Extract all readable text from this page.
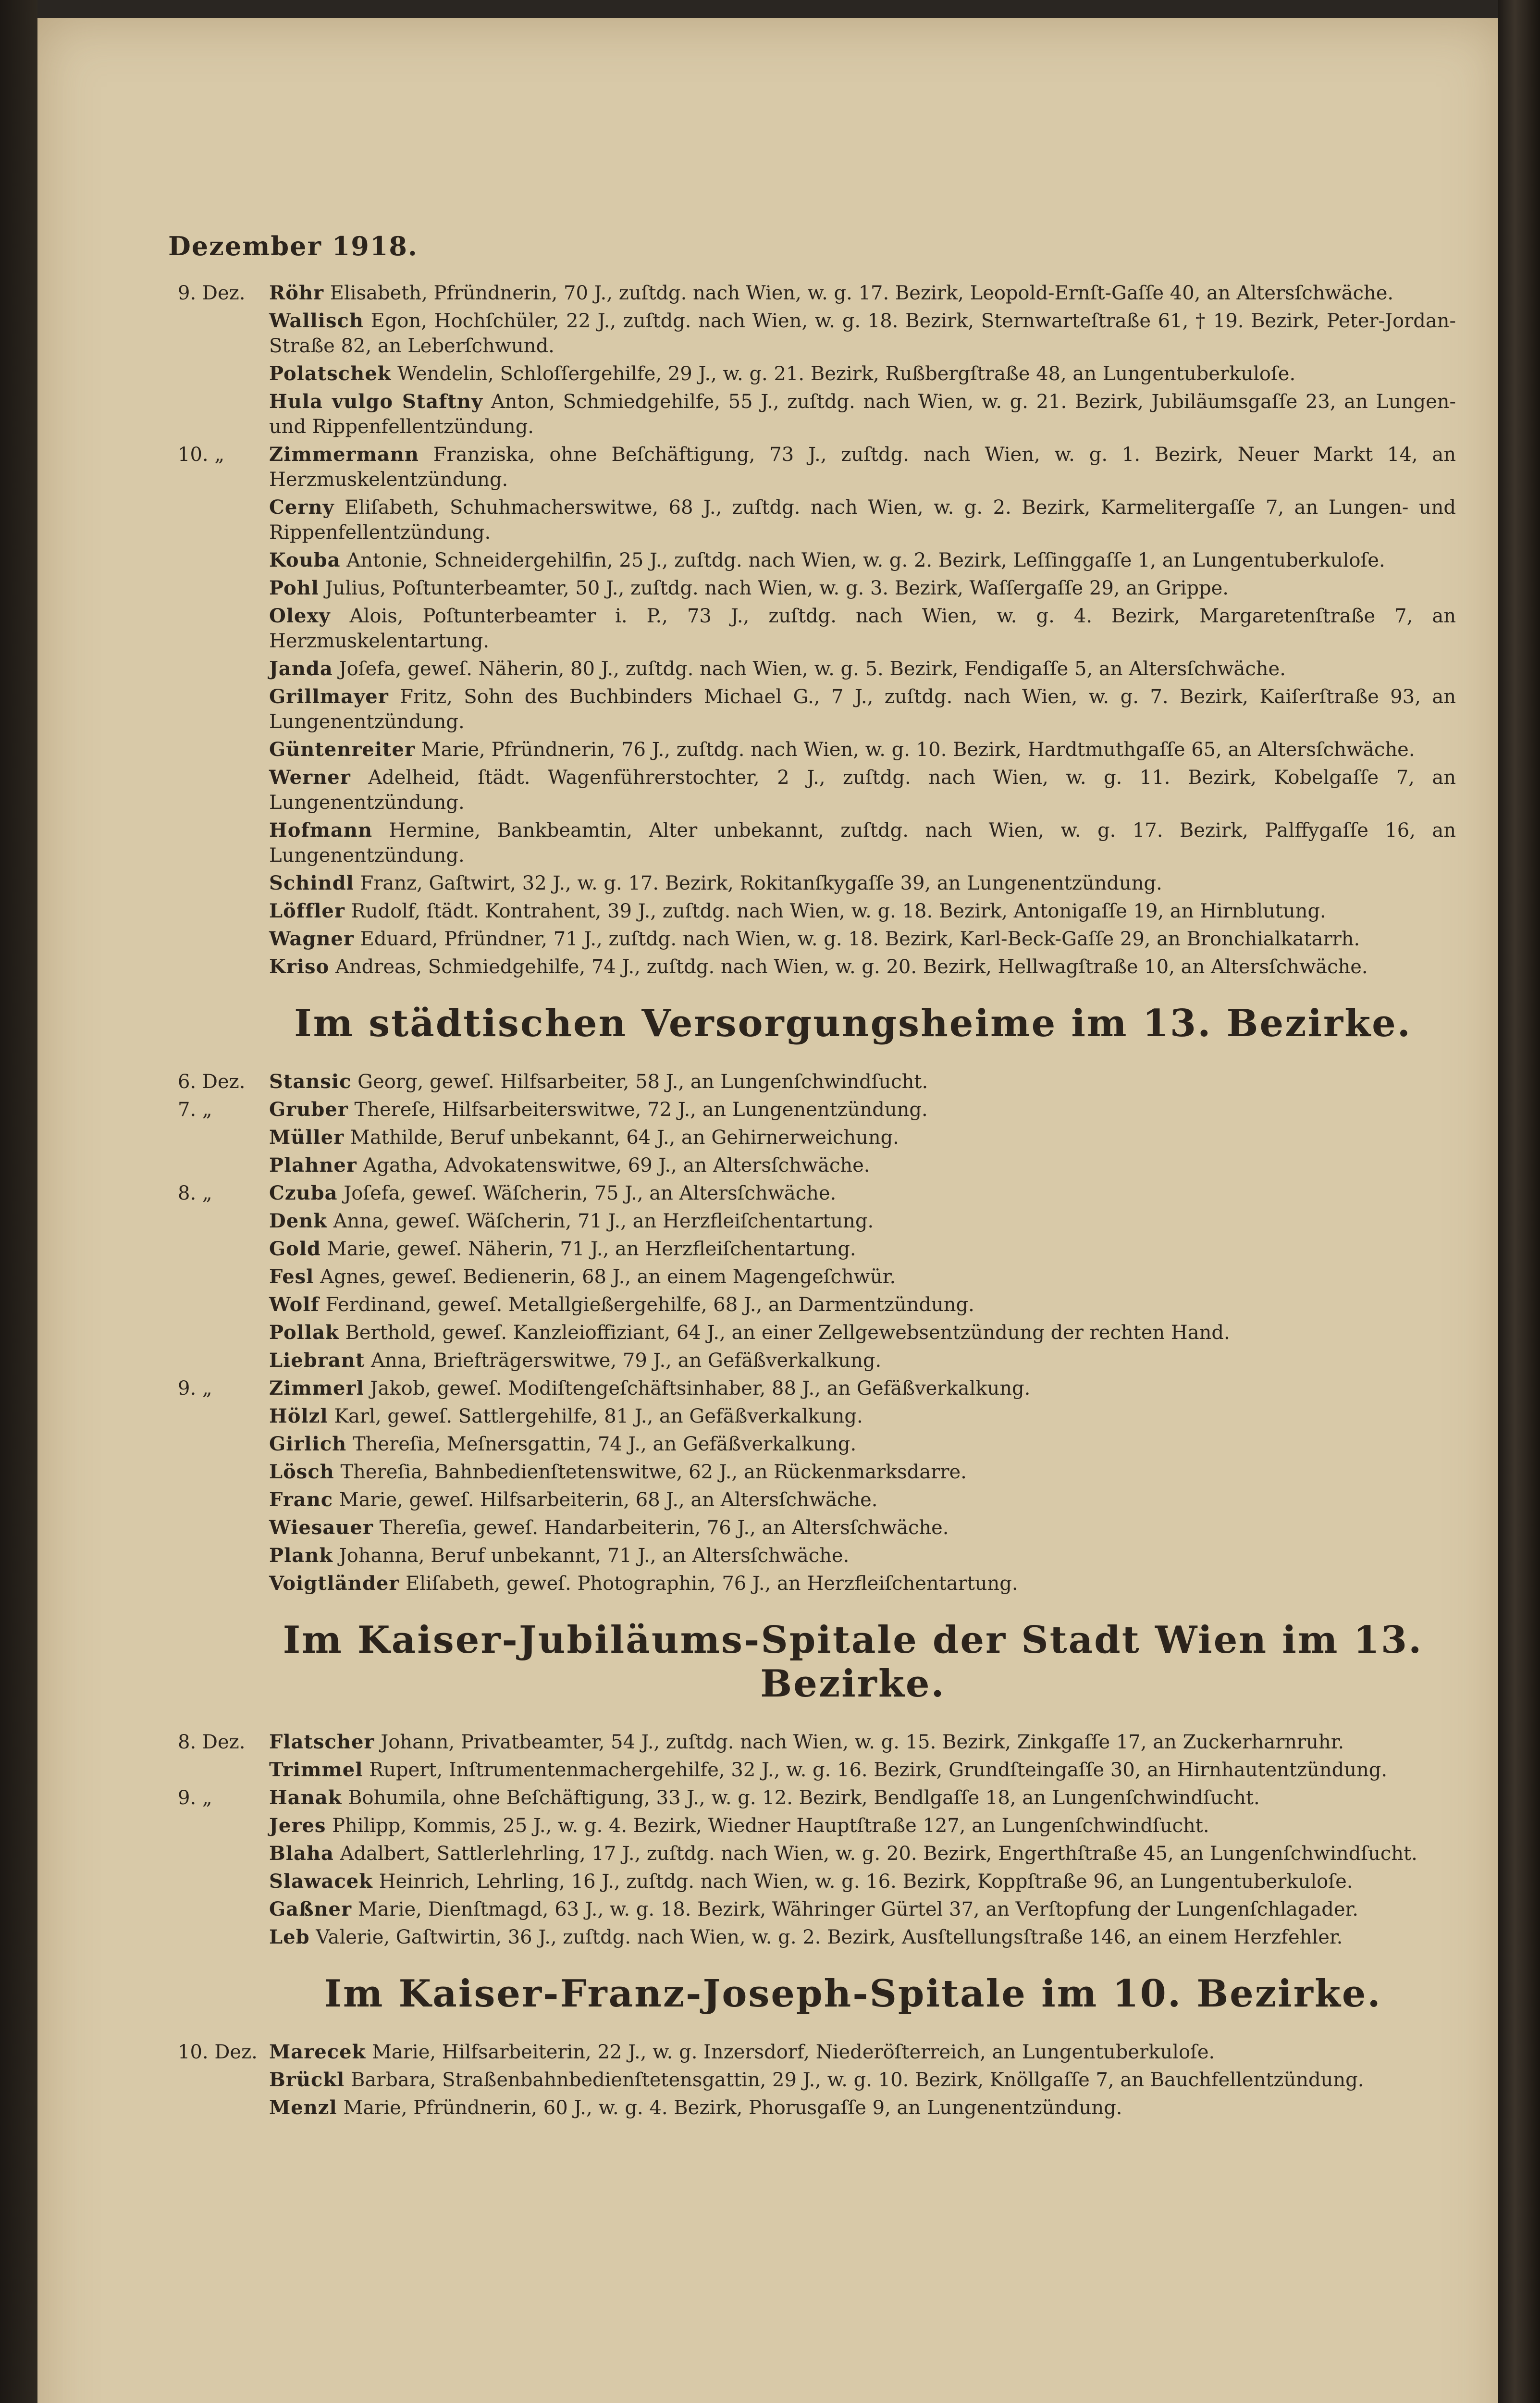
Dezember 1918.
9. Dez.	Röhr Elisabeth, Pfründnerin, 70 J., zuſtdg. nach Wien, w. g. 17. Bezirk, Leopold-Ernſt-Gaſſe 40, an Altersſchwäche.
Wallisch Egon, Hochſchüler, 22 J., zuſtdg. nach Wien, w. g. 18. Bezirk, Sternwarteſtraße 61, † 19. Bezirk, Peter-Jordan-Straße 82, an Leberſchwund.
Polatschek Wendelin, Schloſſergehilfe, 29 J., w. g. 21. Bezirk, Rußbergſtraße 48, an Lungentuberkuloſe.
Hula vulgo Staftny Anton, Schmiedgehilfe, 55 J., zuſtdg. nach Wien, w. g. 21. Bezirk, Jubiläumsgaſſe 23, an Lungen- und Rippenfellentzündung.
10. „	Zimmermann Franziska, ohne Beſchäftigung, 73 J., zuſtdg. nach Wien, w. g. 1. Bezirk, Neuer Markt 14, an Herzmuskelentzündung.
Cerny Eliſabeth, Schuhmacherswitwe, 68 J., zuſtdg. nach Wien, w. g. 2. Bezirk, Karmelitergaſſe 7, an Lungen- und Rippenfellentzündung.
Kouba Antonie, Schneidergehilfin, 25 J., zuſtdg. nach Wien, w. g. 2. Bezirk, Leſſinggaſſe 1, an Lungentuberkuloſe.
Pohl Julius, Poſtunterbeamter, 50 J., zuſtdg. nach Wien, w. g. 3. Bezirk, Waſſergaſſe 29, an Grippe.
Olexy Alois, Poſtunterbeamter i. P., 73 J., zuſtdg. nach Wien, w. g. 4. Bezirk, Margaretenſtraße 7, an Herzmuskelentartung.
Janda Joſefa, geweſ. Näherin, 80 J., zuſtdg. nach Wien, w. g. 5. Bezirk, Fendigaſſe 5, an Altersſchwäche.
Grillmayer Fritz, Sohn des Buchbinders Michael G., 7 J., zuſtdg. nach Wien, w. g. 7. Bezirk, Kaiſerſtraße 93, an Lungenentzündung.
Güntenreiter Marie, Pfründnerin, 76 J., zuſtdg. nach Wien, w. g. 10. Bezirk, Hardtmuthgaſſe 65, an Altersſchwäche.
Werner Adelheid, ſtädt. Wagenführerstochter, 2 J., zuſtdg. nach Wien, w. g. 11. Bezirk, Kobelgaſſe 7, an Lungenentzündung.
Hofmann Hermine, Bankbeamtin, Alter unbekannt, zuſtdg. nach Wien, w. g. 17. Bezirk, Palffygaſſe 16, an Lungenentzündung.
Schindl Franz, Gaſtwirt, 32 J., w. g. 17. Bezirk, Rokitanſkygaſſe 39, an Lungenentzündung.
Löffler Rudolf, ſtädt. Kontrahent, 39 J., zuſtdg. nach Wien, w. g. 18. Bezirk, Antonigaſſe 19, an Hirnblutung.
Wagner Eduard, Pfründner, 71 J., zuſtdg. nach Wien, w. g. 18. Bezirk, Karl-Beck-Gaſſe 29, an Bronchialkatarrh.
Kriso Andreas, Schmiedgehilfe, 74 J., zuſtdg. nach Wien, w. g. 20. Bezirk, Hellwagſtraße 10, an Altersſchwäche.
Im städtischen Versorgungsheime im 13. Bezirke.
6. Dez.	Stansic Georg, geweſ. Hilfsarbeiter, 58 J., an Lungenſchwindſucht.
7. „	Gruber Thereſe, Hilfsarbeiterswitwe, 72 J., an Lungenentzündung.
Müller Mathilde, Beruf unbekannt, 64 J., an Gehirnerweichung.
Plahner Agatha, Advokatenswitwe, 69 J., an Altersſchwäche.
8. „	Czuba Joſefa, geweſ. Wäſcherin, 75 J., an Altersſchwäche.
Denk Anna, geweſ. Wäſcherin, 71 J., an Herzfleiſchentartung.
Gold Marie, geweſ. Näherin, 71 J., an Herzfleiſchentartung.
Fesl Agnes, geweſ. Bedienerin, 68 J., an einem Magengeſchwür.
Wolf Ferdinand, geweſ. Metallgießergehilfe, 68 J., an Darmentzündung.
Pollak Berthold, geweſ. Kanzleioffiziant, 64 J., an einer Zellgewebsentzündung der rechten Hand.
Liebrant Anna, Briefträgerswitwe, 79 J., an Gefäßverkalkung.
9. „	Zimmerl Jakob, geweſ. Modiſtengeſchäftsinhaber, 88 J., an Gefäßverkalkung.
Hölzl Karl, geweſ. Sattlergehilfe, 81 J., an Gefäßverkalkung.
Girlich Thereſia, Meſnersgattin, 74 J., an Gefäßverkalkung.
Lösch Thereſia, Bahnbedienſtetenswitwe, 62 J., an Rückenmarksdarre.
Franc Marie, geweſ. Hilfsarbeiterin, 68 J., an Altersſchwäche.
Wiesauer Thereſia, geweſ. Handarbeiterin, 76 J., an Altersſchwäche.
Plank Johanna, Beruf unbekannt, 71 J., an Altersſchwäche.
Voigtländer Eliſabeth, geweſ. Photographin, 76 J., an Herzfleiſchentartung.
Im Kaiser-Jubiläums-Spitale der Stadt Wien im 13. Bezirke.
8. Dez.	Flatscher Johann, Privatbeamter, 54 J., zuſtdg. nach Wien, w. g. 15. Bezirk, Zinkgaſſe 17, an Zuckerharnruhr.
Trimmel Rupert, Inſtrumentenmachergehilfe, 32 J., w. g. 16. Bezirk, Grundſteingaſſe 30, an Hirnhautentzündung.
9. „	Hanak Bohumila, ohne Beſchäftigung, 33 J., w. g. 12. Bezirk, Bendlgaſſe 18, an Lungenſchwindſucht.
Jeres Philipp, Kommis, 25 J., w. g. 4. Bezirk, Wiedner Hauptſtraße 127, an Lungenſchwindſucht.
Blaha Adalbert, Sattlerlehrling, 17 J., zuſtdg. nach Wien, w. g. 20. Bezirk, Engerthſtraße 45, an Lungenſchwindſucht.
Slawacek Heinrich, Lehrling, 16 J., zuſtdg. nach Wien, w. g. 16. Bezirk, Koppſtraße 96, an Lungentuberkuloſe.
Gaßner Marie, Dienſtmagd, 63 J., w. g. 18. Bezirk, Währinger Gürtel 37, an Verſtopfung der Lungenſchlagader.
Leb Valerie, Gaſtwirtin, 36 J., zuſtdg. nach Wien, w. g. 2. Bezirk, Ausſtellungsſtraße 146, an einem Herzfehler.
Im Kaiser-Franz-Joseph-Spitale im 10. Bezirke.
10. Dez. Marecek Marie, Hilfsarbeiterin, 22 J., w. g. Inzersdorf, Niederöſterreich, an Lungentuberkuloſe.
Brückl Barbara, Straßenbahnbedienſtetensgattin, 29 J., w. g. 10. Bezirk, Knöllgaſſe 7, an Bauchfellentzündung.
Menzl Marie, Pfründnerin, 60 J., w. g. 4. Bezirk, Phorusgaſſe 9, an Lungenentzündung.
